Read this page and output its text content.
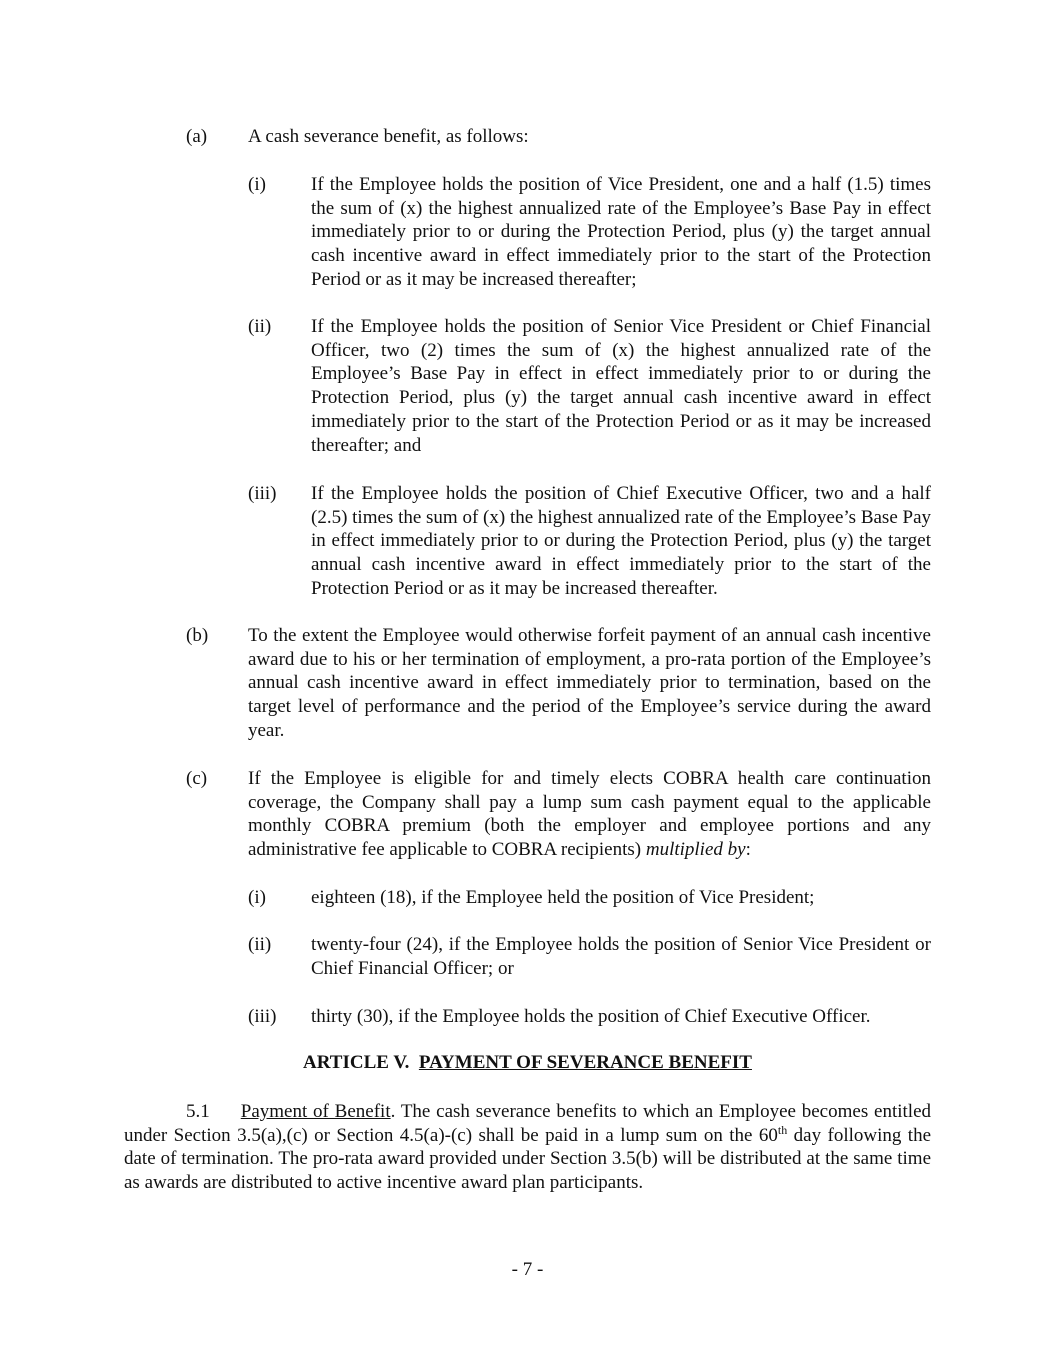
(a) A cash severance benefit, as follows:
(i) If the Employee holds the position of Vice President, one and a half (1.5) times the sum of (x) the highest annualized rate of the Employee’s Base Pay in effect immediately prior to or during the Protection Period, plus (y) the target annual cash incentive award in effect immediately prior to the start of the Protection Period or as it may be increased thereafter;
(ii) If the Employee holds the position of Senior Vice President or Chief Financial Officer, two (2) times the sum of (x) the highest annualized rate of the Employee’s Base Pay in effect in effect immediately prior to or during the Protection Period, plus (y) the target annual cash incentive award in effect immediately prior to the start of the Protection Period or as it may be increased thereafter; and
(iii) If the Employee holds the position of Chief Executive Officer, two and a half (2.5) times the sum of (x) the highest annualized rate of the Employee’s Base Pay in effect immediately prior to or during the Protection Period, plus (y) the target annual cash incentive award in effect immediately prior to the start of the Protection Period or as it may be increased thereafter.
(b) To the extent the Employee would otherwise forfeit payment of an annual cash incentive award due to his or her termination of employment, a pro-rata portion of the Employee’s annual cash incentive award in effect immediately prior to termination, based on the target level of performance and the period of the Employee’s service during the award year.
(c) If the Employee is eligible for and timely elects COBRA health care continuation coverage, the Company shall pay a lump sum cash payment equal to the applicable monthly COBRA premium (both the employer and employee portions and any administrative fee applicable to COBRA recipients) multiplied by:
(i) eighteen (18), if the Employee held the position of Vice President;
(ii) twenty-four (24), if the Employee holds the position of Senior Vice President or Chief Financial Officer; or
(iii) thirty (30), if the Employee holds the position of Chief Executive Officer.
ARTICLE V. PAYMENT OF SEVERANCE BENEFIT
5.1 Payment of Benefit. The cash severance benefits to which an Employee becomes entitled under Section 3.5(a),(c) or Section 4.5(a)-(c) shall be paid in a lump sum on the 60th day following the date of termination. The pro-rata award provided under Section 3.5(b) will be distributed at the same time as awards are distributed to active incentive award plan participants.
- 7 -
